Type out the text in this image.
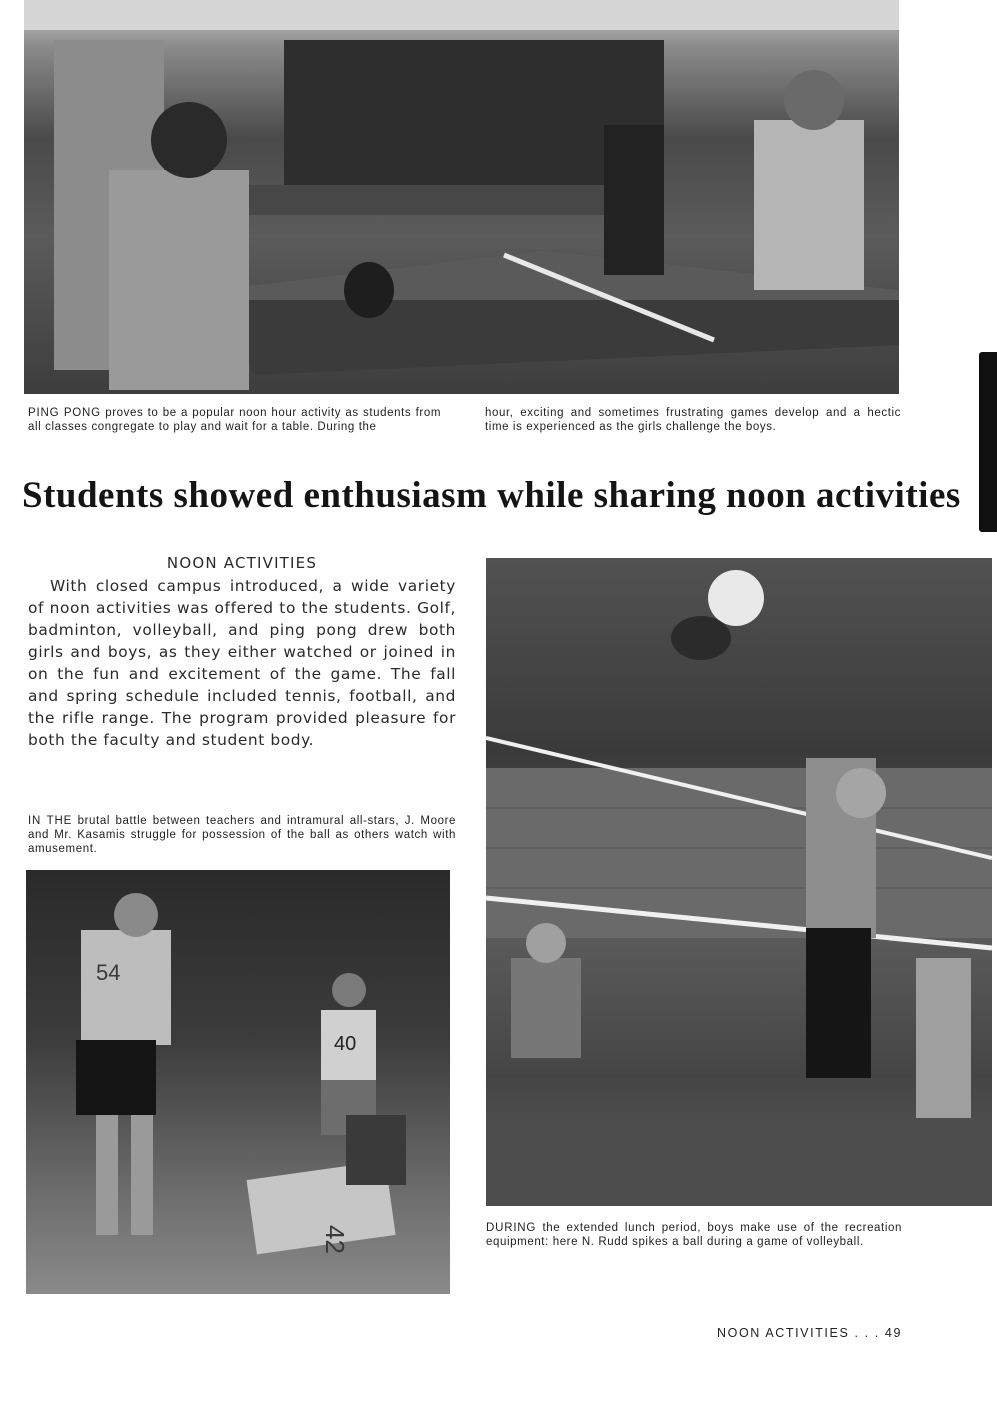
PING PONG proves to be a popular noon hour activity as students from all classes congregate to play and wait for a table. During the
hour, exciting and sometimes frustrating games develop and a hectic time is experienced as the girls challenge the boys.
Students showed enthusiasm while sharing noon activities
NOON ACTIVITIES
With closed campus introduced, a wide variety of noon activities was offered to the students. Golf, badminton, volleyball, and ping pong drew both girls and boys, as they either watched or joined in on the fun and excitement of the game. The fall and spring schedule included tennis, football, and the rifle range. The program provided pleasure for both the faculty and student body.
IN THE brutal battle between teachers and intramural all-stars, J. Moore and Mr. Kasamis struggle for possession of the ball as others watch with amusement.
54
40
42	DURING the extended lunch period, boys make use of the recreation equipment: here N. Rudd spikes a ball during a game of volleyball.
NOON ACTIVITIES . . . 49
